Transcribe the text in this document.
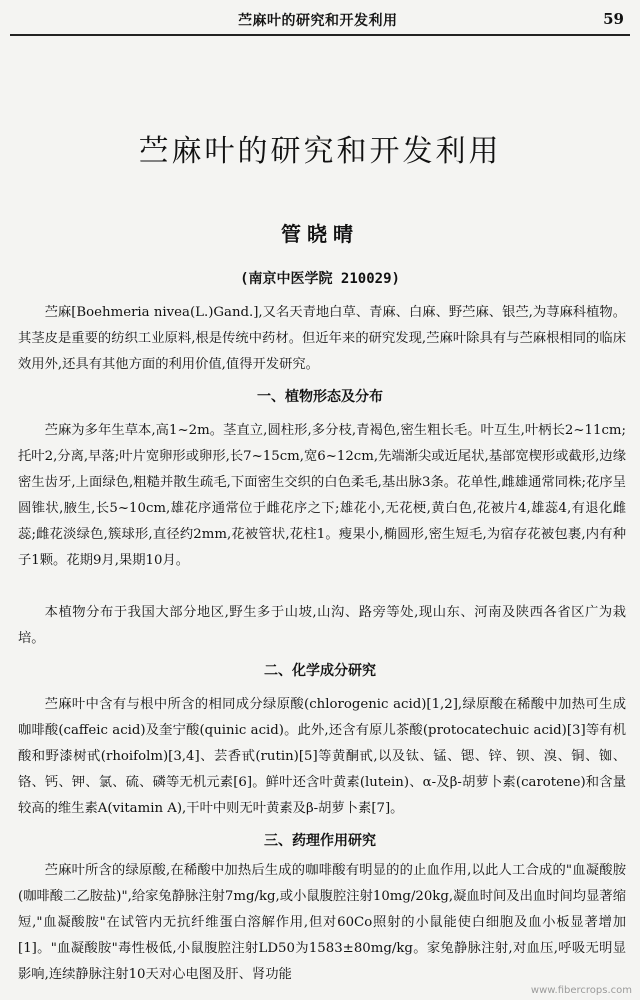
苎麻叶的研究和开发利用	59
苎麻叶的研究和开发利用
管晓晴
(南京中医学院 210029)

苎麻[Boehmeria nivea(L.)Gand.],又名天青地白草、青麻、白麻、野苎麻、银苎,为荨麻科植物。其茎皮是重要的纺织工业原料,根是传统中药材。但近年来的研究发现,苎麻叶除具有与苎麻根相同的临床效用外,还具有其他方面的利用价值,值得开发研究。

一、植物形态及分布

苎麻为多年生草本,高1~2m。茎直立,圆柱形,多分枝,青褐色,密生粗长毛。叶互生,叶柄长2~11cm;托叶2,分离,早落;叶片宽卵形或卵形,长7~15cm,宽6~12cm,先端渐尖或近尾状,基部宽楔形或截形,边缘密生齿牙,上面绿色,粗糙并散生疏毛,下面密生交织的白色柔毛,基出脉3条。花单性,雌雄通常同株;花序呈圆锥状,腋生,长5~10cm,雄花序通常位于雌花序之下;雄花小,无花梗,黄白色,花被片4,雄蕊4,有退化雌蕊;雌花淡绿色,簇球形,直径约2mm,花被管状,花柱1。瘦果小,椭圆形,密生短毛,为宿存花被包裹,内有种子1颗。花期9月,果期10月。

本植物分布于我国大部分地区,野生多于山坡,山沟、路旁等处,现山东、河南及陕西各省区广为栽培。

二、化学成分研究

苎麻叶中含有与根中所含的相同成分绿原酸(chlorogenic acid)[1,2],绿原酸在稀酸中加热可生成咖啡酸(caffeic acid)及奎宁酸(quinic acid)。此外,还含有原儿茶酸(protocatechuic acid)[3]等有机酸和野漆树甙(rhoifolm)[3,4]、芸香甙(rutin)[5]等黄酮甙,以及钛、锰、锶、锌、钡、溴、铜、铷、铬、钙、钾、氯、硫、磷等无机元素[6]。鲜叶还含叶黄素(lutein)、α-及β-胡萝卜素(carotene)和含量较高的维生素A(vitamin A),干叶中则无叶黄素及β-胡萝卜素[7]。

三、药理作用研究

苎麻叶所含的绿原酸,在稀酸中加热后生成的咖啡酸有明显的的止血作用,以此人工合成的"血凝酸胺(咖啡酸二乙胺盐)",给家兔静脉注射7mg/kg,或小鼠腹腔注射10mg/20kg,凝血时间及出血时间均显著缩短,"血凝酸胺"在试管内无抗纤维蛋白溶解作用,但对60Co照射的小鼠能使白细胞及血小板显著增加[1]。"血凝酸胺"毒性极低,小鼠腹腔注射LD50为1583±80mg/kg。家兔静脉注射,对血压,呼吸无明显影响,连续静脉注射10天对心电图及肝、肾功能

www.fibercrops.com
